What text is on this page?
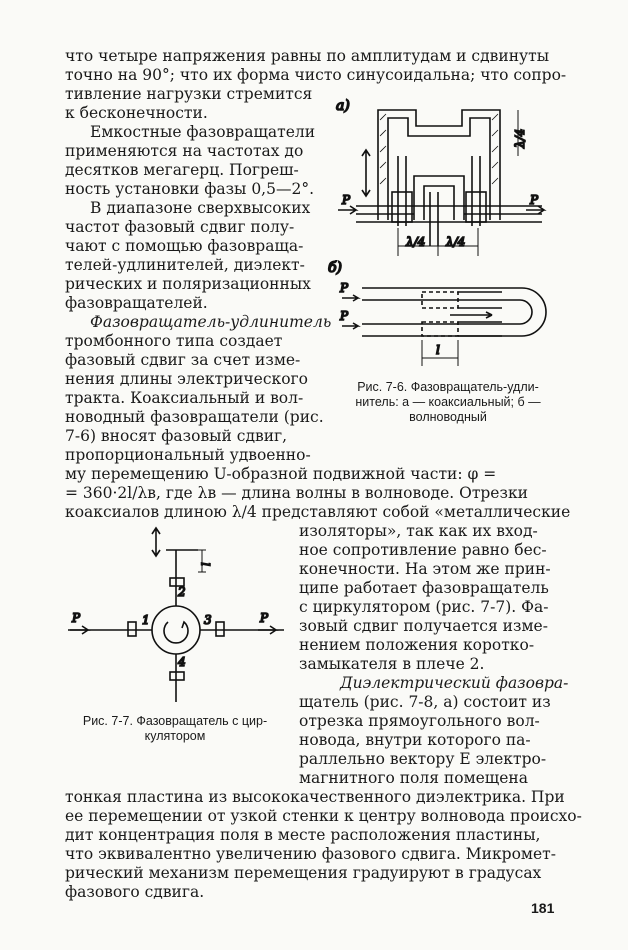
что четыре напряжения равны по амплитудам и сдвинуты
точно на 90°; что их форма чисто синусоидальна; что сопро-
тивление нагрузки стремится
к бесконечности.
Емкостные фазовращатели
применяются на частотах до
десятков мегагерц. Погреш-
ность установки фазы 0,5—2°.
В диапазоне сверхвысоких
частот фазовый сдвиг полу-
чают с помощью фазовраща-
телей-удлинителей, диэлект-
рических и поляризационных
фазовращателей.
Фазовращатель-удлинитель
тромбонного типа создает
фазовый сдвиг за счет изме-
нения длины электрического
тракта. Коаксиальный и вол-
новодный фазовращатели (рис.
7-6) вносят фазовый сдвиг,
пропорциональный удвоенно-
му перемещению U-образной подвижной части: φ =
= 360·2l/λв, где λв — длина волны в волноводе. Отрезки
коаксиалов длиною λ/4 представляют собой «металлические
изоляторы», так как их вход-
ное сопротивление равно бес-
конечности. На этом же прин-
ципе работает фазовращатель
с циркулятором (рис. 7-7). Фа-
зовый сдвиг получается изме-
нением положения коротко-
замыкателя в плече 2.
Диэлектрический фазовра-
щатель (рис. 7-8, а) состоит из
отрезка прямоугольного вол-
новода, внутри которого па-
раллельно вектору E электро-
магнитного поля помещена
тонкая пластина из высококачественного диэлектрика. При
ее перемещении от узкой стенки к центру волновода происхо-
дит концентрация поля в месте расположения пластины,
что эквивалентно увеличению фазового сдвига. Микромет-
рический механизм перемещения градуируют в градусах
фазового сдвига.
а)
P	P
λ/4
λ/4 λ/4
б)
P
P
l
Рис. 7-6. Фазовращатель-удли-
нитель: а — коаксиальный; б —
волноводный
l
P	P
1
2
3
4
Рис. 7-7. Фазовращатель с цир-
кулятором
181
